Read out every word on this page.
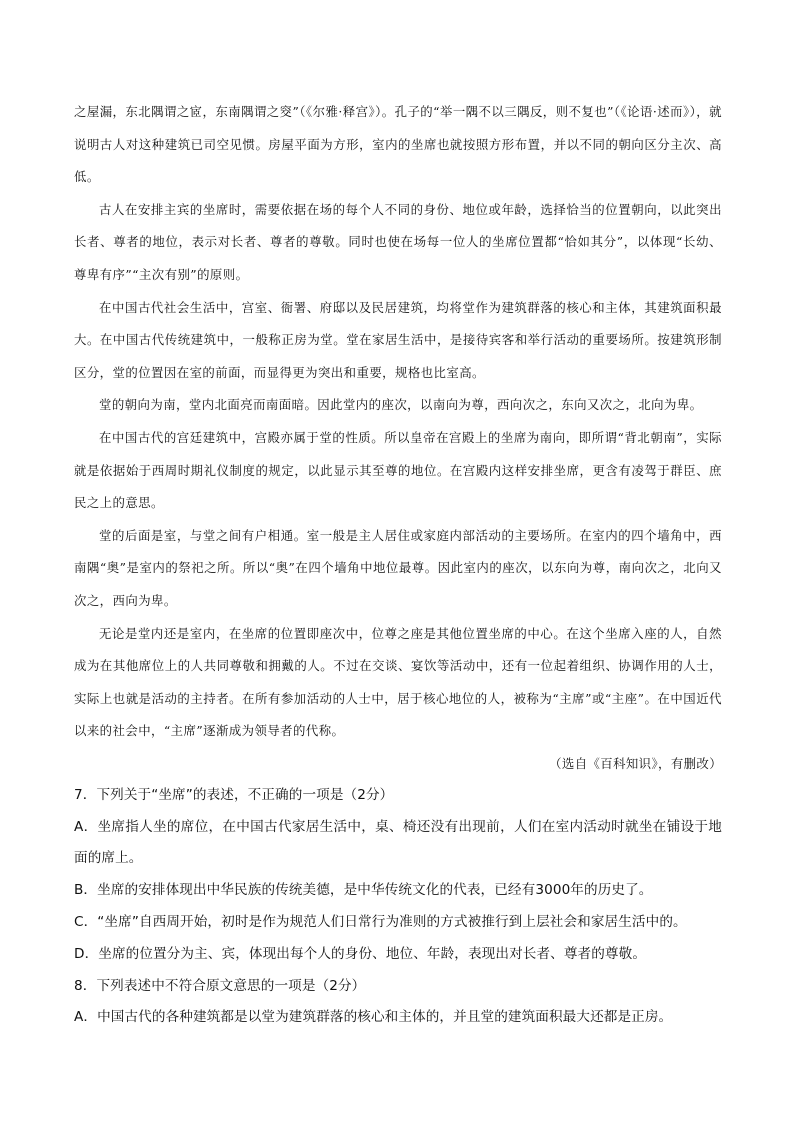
之屋漏，东北隅谓之宧，东南隅谓之窔”（《尔雅·释宫》）。孔子的“举一隅不以三隅反，则不复也”（《论语·述而》），就说明古人对这种建筑已司空见惯。房屋平面为方形，室内的坐席也就按照方形布置，并以不同的朝向区分主次、高低。

古人在安排主宾的坐席时，需要依据在场的每个人不同的身份、地位或年龄，选择恰当的位置朝向，以此突出长者、尊者的地位，表示对长者、尊者的尊敬。同时也使在场每一位人的坐席位置都“恰如其分”，以体现“长幼、尊卑有序”“主次有别”的原则。

在中国古代社会生活中，宫室、衙署、府邸以及民居建筑，均将堂作为建筑群落的核心和主体，其建筑面积最大。在中国古代传统建筑中，一般称正房为堂。堂在家居生活中，是接待宾客和举行活动的重要场所。按建筑形制区分，堂的位置因在室的前面，而显得更为突出和重要，规格也比室高。

堂的朝向为南，堂内北面亮而南面暗。因此堂内的座次，以南向为尊，西向次之，东向又次之，北向为卑。

在中国古代的宫廷建筑中，宫殿亦属于堂的性质。所以皇帝在宫殿上的坐席为南向，即所谓“背北朝南”，实际就是依据始于西周时期礼仪制度的规定，以此显示其至尊的地位。在宫殿内这样安排坐席，更含有凌驾于群臣、庶民之上的意思。

堂的后面是室，与堂之间有户相通。室一般是主人居住或家庭内部活动的主要场所。在室内的四个墙角中，西南隅“奥”是室内的祭祀之所。所以“奥”在四个墙角中地位最尊。因此室内的座次，以东向为尊，南向次之，北向又次之，西向为卑。

无论是堂内还是室内，在坐席的位置即座次中，位尊之座是其他位置坐席的中心。在这个坐席入座的人，自然成为在其他席位上的人共同尊敬和拥戴的人。不过在交谈、宴饮等活动中，还有一位起着组织、协调作用的人士，实际上也就是活动的主持者。在所有参加活动的人士中，居于核心地位的人，被称为“主席”或“主座”。在中国近代以来的社会中，“主席”逐渐成为领导者的代称。

（选自《百科知识》，有删改）

7．下列关于“坐席”的表述，不正确的一项是（2分）

A．坐席指人坐的席位，在中国古代家居生活中，桌、椅还没有出现前，人们在室内活动时就坐在铺设于地面的席上。

B．坐席的安排体现出中华民族的传统美德，是中华传统文化的代表，已经有3000年的历史了。

C．“坐席”自西周开始，初时是作为规范人们日常行为准则的方式被推行到上层社会和家居生活中的。

D．坐席的位置分为主、宾，体现出每个人的身份、地位、年龄，表现出对长者、尊者的尊敬。

8．下列表述中不符合原文意思的一项是（2分）

A．中国古代的各种建筑都是以堂为建筑群落的核心和主体的，并且堂的建筑面积最大还都是正房。
